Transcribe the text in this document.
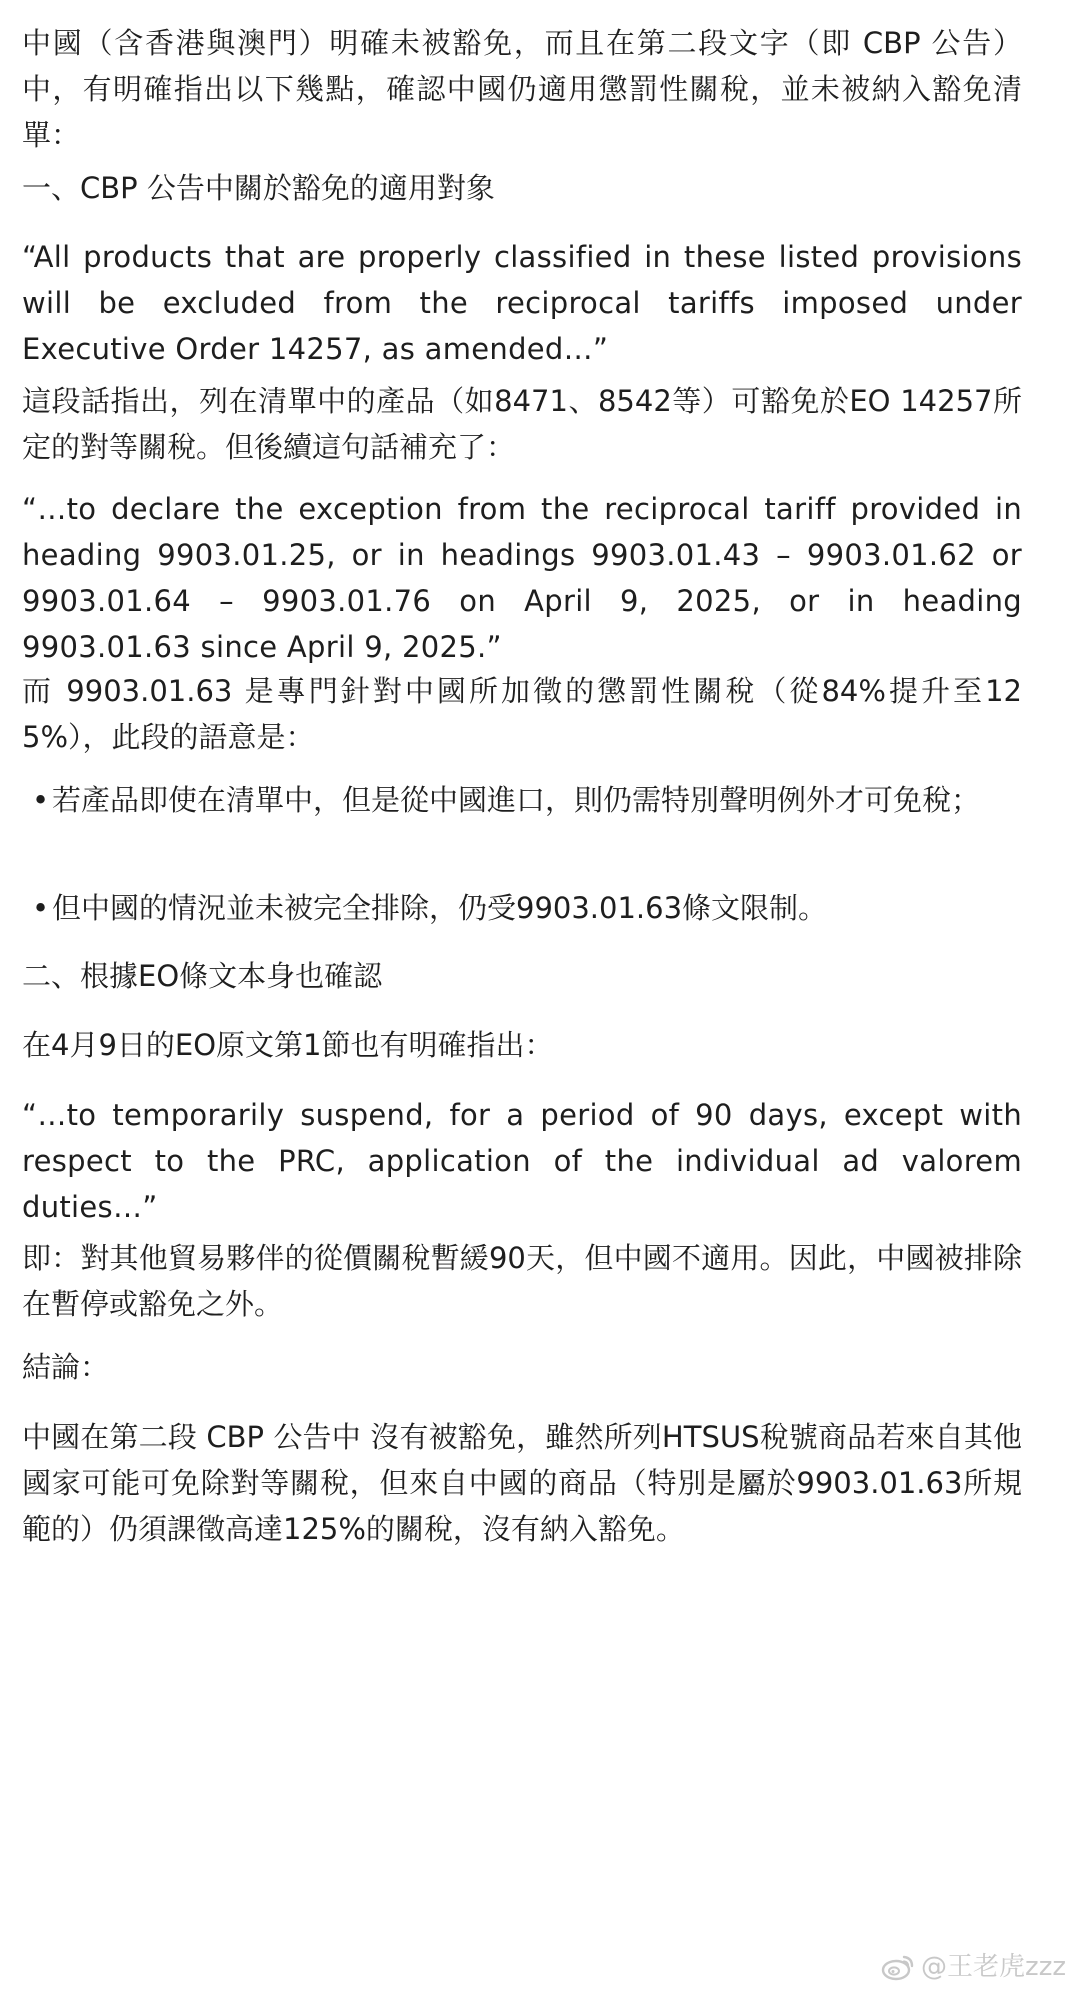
中國（含香港與澳門）明確未被豁免，而且在第二段文字（即 CBP 公告）中，有明確指出以下幾點，確認中國仍適用懲罰性關稅，並未被納入豁免清單：

一、CBP 公告中關於豁免的適用對象

“All products that are properly classified in these listed provisions will be excluded from the reciprocal tariffs imposed under Executive Order 14257, as amended…”

這段話指出，列在清單中的產品（如8471、8542等）可豁免於EO 14257所定的對等關稅。但後續這句話補充了：

“…to declare the exception from the reciprocal tariff provided in heading 9903.01.25, or in headings 9903.01.43 – 9903.01.62 or 9903.01.64 – 9903.01.76 on April 9, 2025, or in heading 9903.01.63 since April 9, 2025.”

而 9903.01.63 是專門針對中國所加徵的懲罰性關稅（從84%提升至125%），此段的語意是：

• 若產品即使在清單中，但是從中國進口，則仍需特別聲明例外才可免稅；
• 但中國的情況並未被完全排除，仍受9903.01.63條文限制。

二、根據EO條文本身也確認

在4月9日的EO原文第1節也有明確指出：

“…to temporarily suspend, for a period of 90 days, except with respect to the PRC, application of the individual ad valorem duties…”

即：對其他貿易夥伴的從價關稅暫緩90天，但中國不適用。因此，中國被排除在暫停或豁免之外。

結論：

中國在第二段 CBP 公告中 沒有被豁免，雖然所列HTSUS稅號商品若來自其他國家可能可免除對等關稅，但來自中國的商品（特別是屬於9903.01.63所規範的）仍須課徵高達125%的關稅，沒有納入豁免。

@王老虎zzz
